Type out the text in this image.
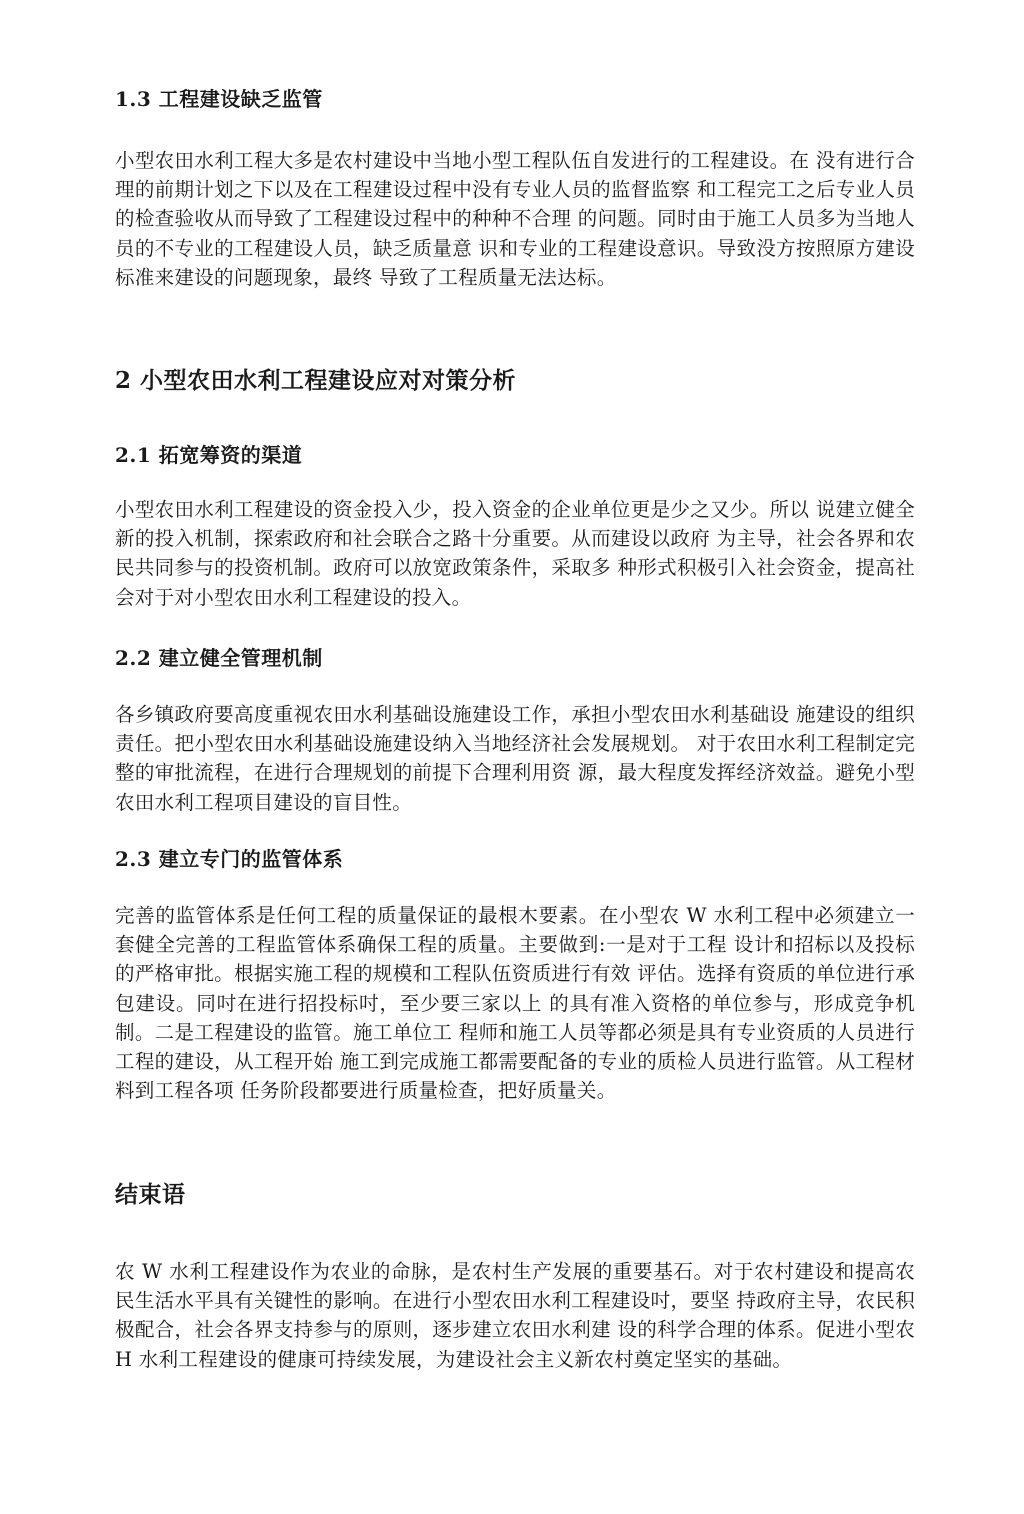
1.3 工程建设缺乏监管

小型农田水利工程大多是农村建设中当地小型工程队伍自发进行的工程建设。在 没有进行合理的前期计划之下以及在工程建设过程中没有专业人员的监督监察 和工程完工之后专业人员的检查验收从而导致了工程建设过程中的种种不合理 的问题。同时由于施工人员多为当地人员的不专业的工程建设人员，缺乏质量意 识和专业的工程建设意识。导致没方按照原方建设标准来建设的问题现象，最终 导致了工程质量无法达标。

2 小型农田水利工程建设应对对策分析
2.1 拓宽筹资的渠道

小型农田水利工程建设的资金投入少，投入资金的企业单位更是少之又少。所以 说建立健全新的投入机制，探索政府和社会联合之路十分重要。从而建设以政府 为主导，社会各界和农民共同参与的投资机制。政府可以放宽政策条件，采取多 种形式积极引入社会资金，提高社会对于对小型农田水利工程建设的投入。

2.2 建立健全管理机制

各乡镇政府要高度重视农田水利基础设施建设工作，承担小型农田水利基础设 施建设的组织责任。把小型农田水利基础设施建设纳入当地经济社会发展规划。 对于农田水利工程制定完整的审批流程，在进行合理规划的前提下合理利用资 源，最大程度发挥经济效益。避免小型农田水利工程项目建设的盲目性。

2.3 建立专门的监管体系

完善的监管体系是任何工程的质量保证的最根木要素。在小型农 W 水利工程中必须建立一套健全完善的工程监管体系确保工程的质量。主要做到:一是对于工程 设计和招标以及投标的严格审批。根据实施工程的规模和工程队伍资质进行有效 评估。选择有资质的单位进行承包建设。同吋在进行招投标吋，至少要三家以上 的具有准入资格的单位参与，形成竞争机制。二是工程建设的监管。施工单位工 程师和施工人员等都必须是具有专业资质的人员进行工程的建设，从工程开始 施工到完成施工都需要配备的专业的质检人员进行监管。从工程材料到工程各项 任务阶段都要进行质量检查，把好质量关。

结束语

农 W 水利工程建设作为农业的命脉，是农村生产发展的重要基石。对于农村建设和提高农民生活水平具有关键性的影响。在进行小型农田水利工程建设吋，要坚 持政府主导，农民积极配合，社会各界支持参与的原则，逐步建立农田水利建 设的科学合理的体系。促进小型农 H 水利工程建设的健康可持续发展，为建设社会主义新农村奠定坚实的基础。
